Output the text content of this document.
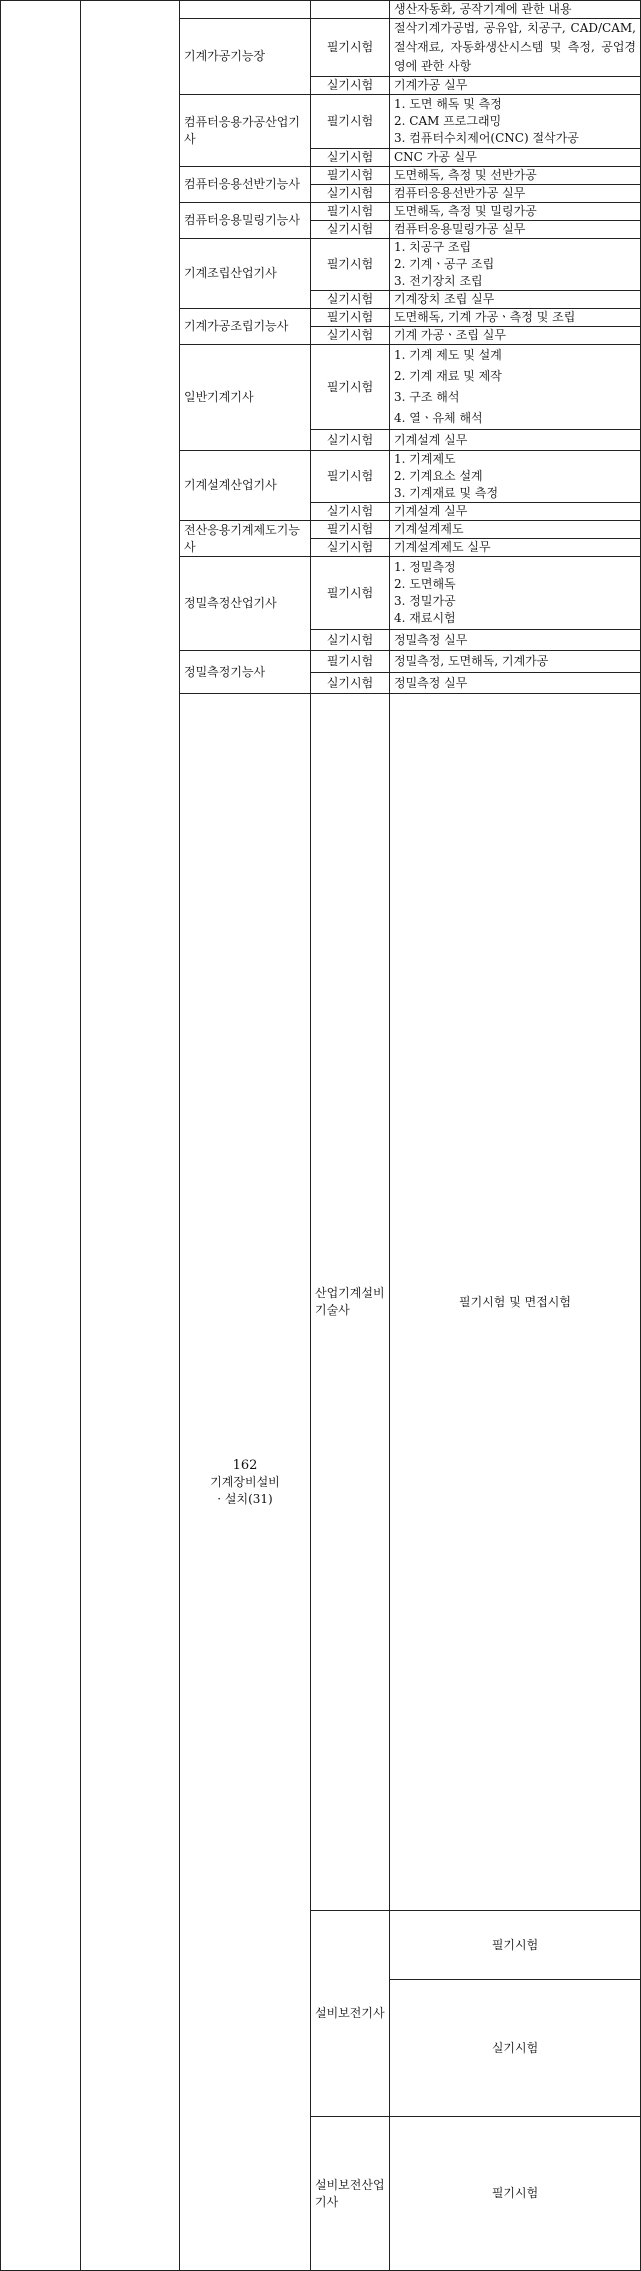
				생산자동화, 공작기계에 관한 내용	
		기계가공기능장	필기시험	절삭기계가공법, 공유압, 치공구, CAD/CAM, 절삭재료, 자동화생산시스템 및 측정, 공업경영에 관한 사항	
			실기시험	기계가공 실무	
		컴퓨터응용가공산업기사	필기시험	1. 도면 해독 및 측정
2. CAM 프로그래밍
3. 컴퓨터수치제어(CNC) 절삭가공	

			실기시험	CNC 가공 실무	
		컴퓨터응용선반기능사	필기시험	도면해독, 측정 및 선반가공	
			실기시험	컴퓨터응용선반가공 실무	
		컴퓨터응용밀링기능사	필기시험	도면해독, 측정 및 밀링가공	
			실기시험	컴퓨터응용밀링가공 실무	
		기계조립산업기사	필기시험	1. 치공구 조립
2. 기계ㆍ공구 조립
3. 전기장치 조립	

			실기시험	기계장치 조립 실무	
		기계가공조립기능사	필기시험	도면해독, 기계 가공ㆍ측정 및 조립	
			실기시험	기계 가공ㆍ조립 실무	
		일반기계기사	필기시험	1. 기계 제도 및 설계
2. 기계 재료 및 제작
3. 구조 해석
4. 열ㆍ유체 해석	

			실기시험	기계설계 실무	
		기계설계산업기사	필기시험	1. 기계제도
2. 기계요소 설계
3. 기계재료 및 측정	

			실기시험	기계설계 실무	
		전산응용기계제도기능사	필기시험	기계설계제도	
			실기시험	기계설계제도 실무	
		정밀측정산업기사	필기시험	1. 정밀측정
2. 도면해독
3. 정밀가공
4. 재료시험	

			실기시험	정밀측정 실무	
		정밀측정기능사	필기시험	정밀측정, 도면해독, 기계가공	
			실기시험	정밀측정 실무	

		162
기계장비설비
· 설치(31)	산업기계설비기술사	필기시험 및 면접시험	
			설비보전기사	필기시험	

				실기시험	
			설비보전산업기사	필기시험	
